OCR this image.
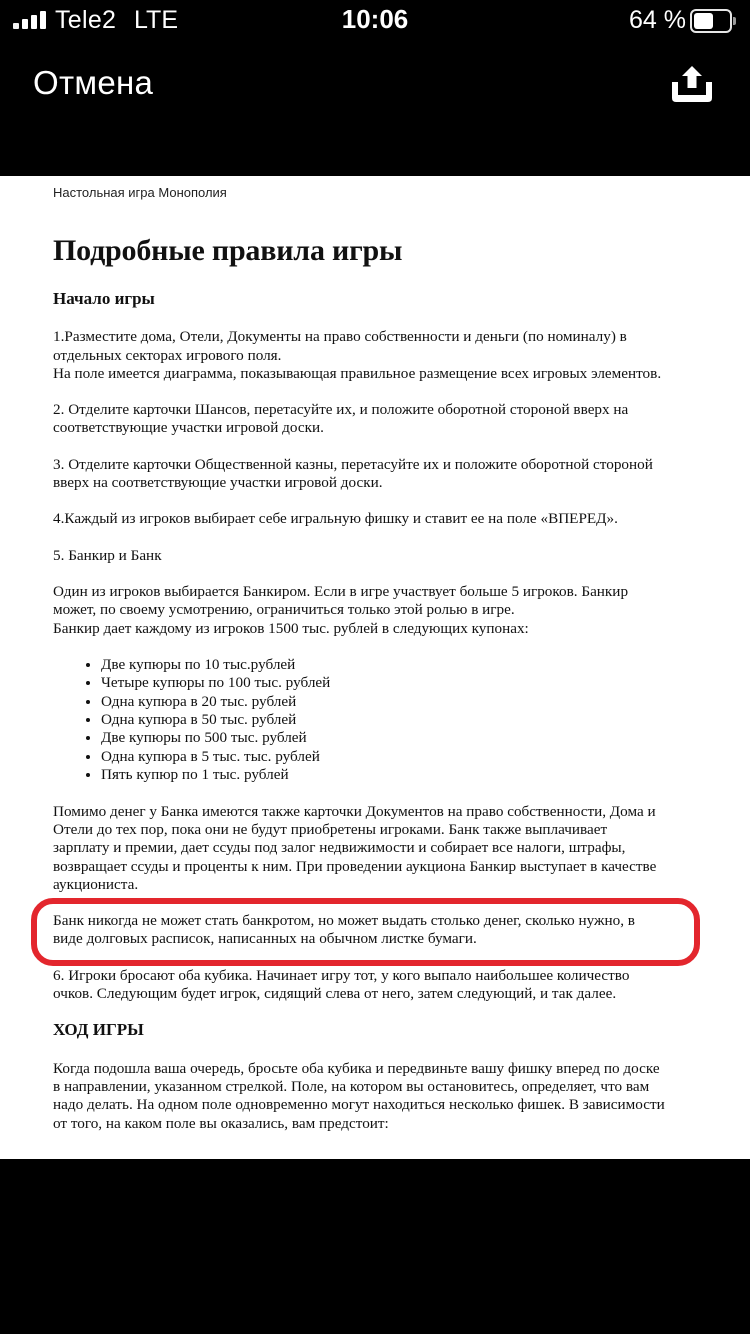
Tele2 LTE	10:06	64 %
Отмена
Настольная игра Монополия
Подробные правила игры
Начало игры

1.Разместите дома, Отели, Документы на право собственности и деньги (по номиналу) в

отдельных секторах игрового поля.

На поле имеется диаграмма, показывающая правильное размещение всех игровых элементов.

2. Отделите карточки Шансов, перетасуйте их, и положите оборотной стороной вверх на

соответствующие участки игровой доски.

3. Отделите карточки Общественной казны, перетасуйте их и положите оборотной стороной

вверх на соответствующие участки игровой доски.

4.Каждый из игроков выбирает себе игральную фишку и ставит ее на поле «ВПЕРЕД».

5. Банкир и Банк

Один из игроков выбирается Банкиром. Если в игре участвует больше 5 игроков. Банкир

может, по своему усмотрению, ограничиться только этой ролью в игре.

Банкир дает каждому из игроков 1500 тыс. рублей в следующих купонах:

• Две купюры по 10 тыс.рублей
• Четыре купюры по 100 тыс. рублей
• Одна купюра в 20 тыс. рублей
• Одна купюра в 50 тыс. рублей
• Две купюры по 500 тыс. рублей
• Одна купюра в 5 тыс. тыс. рублей
• Пять купюр по 1 тыс. рублей

Помимо денег у Банка имеются также карточки Документов на право собственности, Дома и

Отели до тех пор, пока они не будут приобретены игроками. Банк также выплачивает

зарплату и премии, дает ссуды под залог недвижимости и собирает все налоги, штрафы,

возвращает ссуды и проценты к ним. При проведении аукциона Банкир выступает в качестве

аукциониста.

Банк никогда не может стать банкротом, но может выдать столько денег, сколько нужно, в

виде долговых расписок, написанных на обычном листке бумаги.

6. Игроки бросают оба кубика. Начинает игру тот, у кого выпало наибольшее количество

очков. Следующим будет игрок, сидящий слева от него, затем следующий, и так далее.

ХОД ИГРЫ

Когда подошла ваша очередь, бросьте оба кубика и передвиньте вашу фишку вперед по доске

в направлении, указанном стрелкой. Поле, на котором вы остановитесь, определяет, что вам

надо делать. На одном поле одновременно могут находиться несколько фишек. В зависимости

от того, на каком поле вы оказались, вам предстоит:
